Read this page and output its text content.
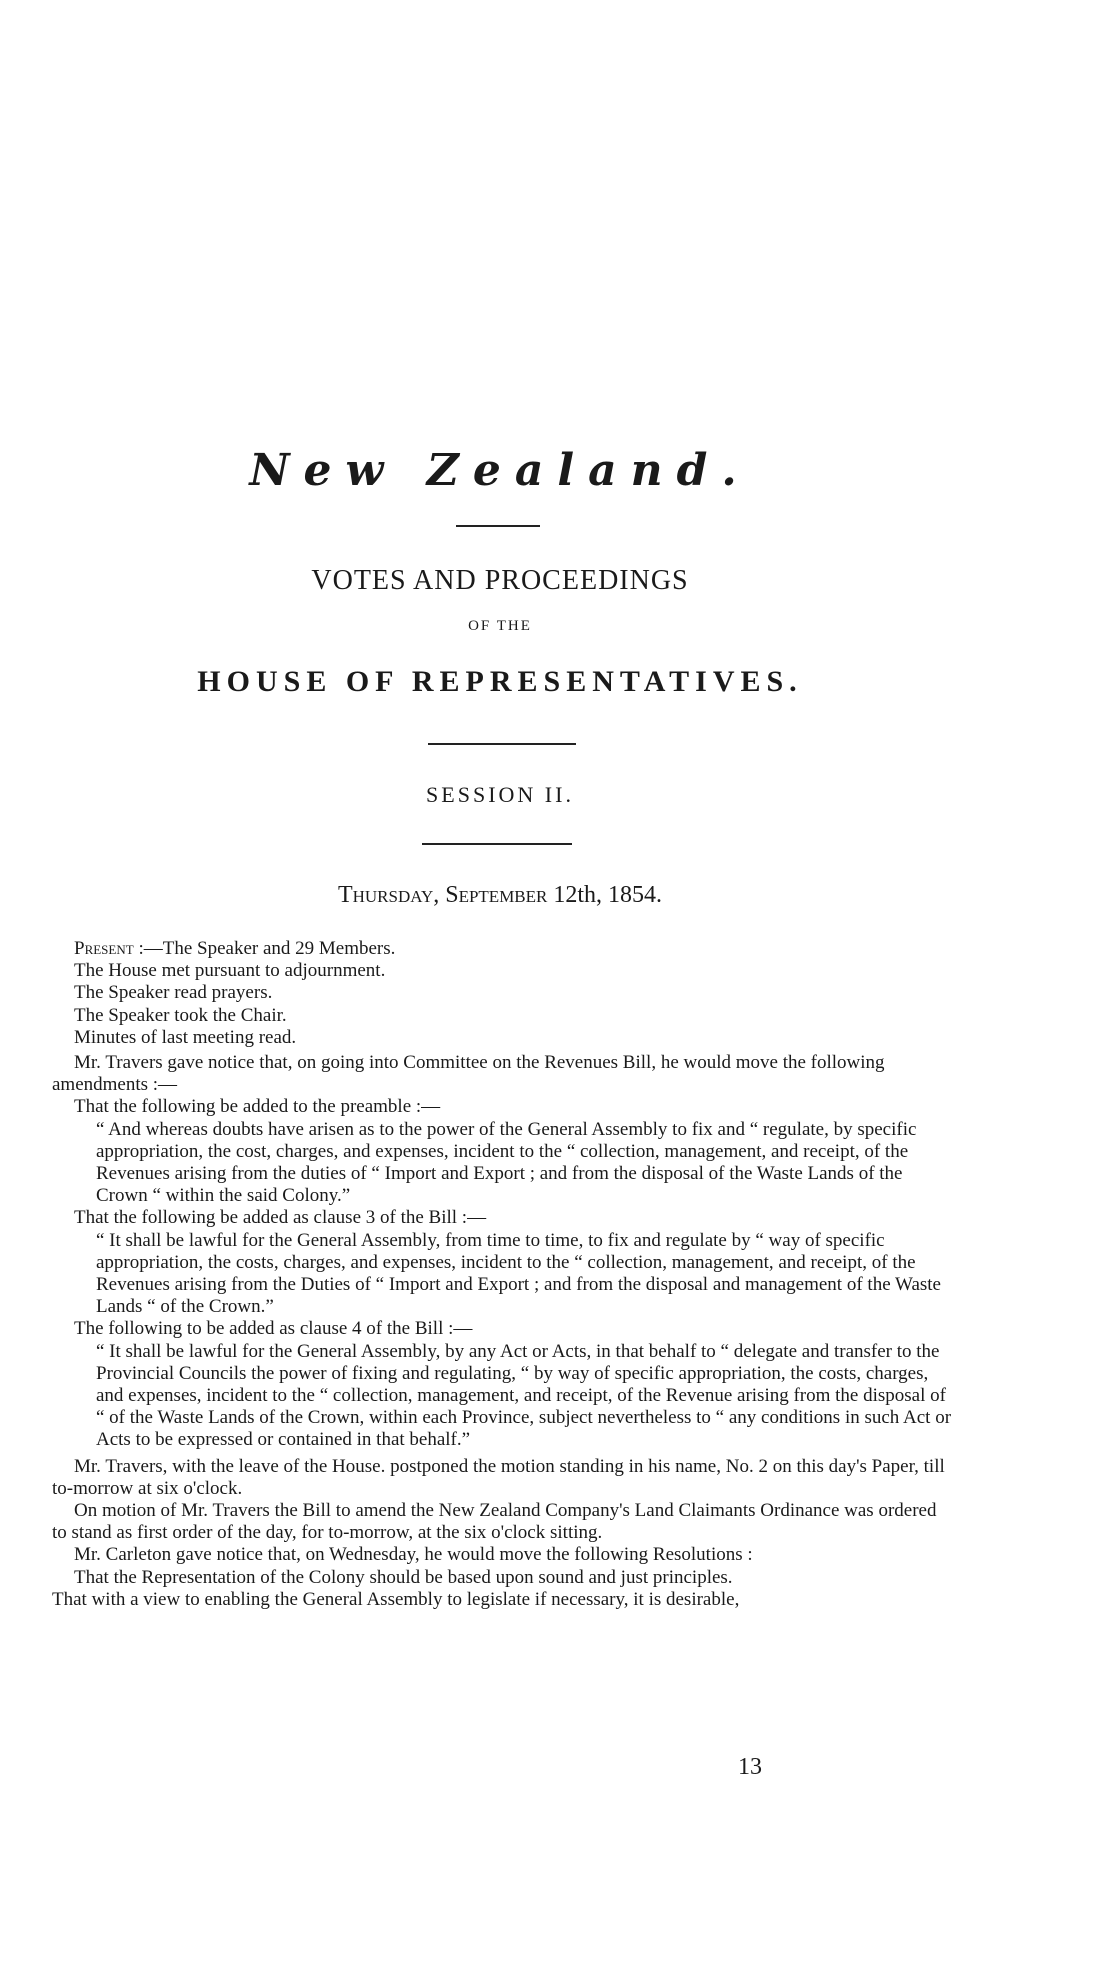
New Zealand.
VOTES AND PROCEEDINGS
OF THE
HOUSE OF REPRESENTATIVES.
SESSION II.
Thursday, September 12th, 1854.

Present :—The Speaker and 29 Members.

The House met pursuant to adjournment.

The Speaker read prayers.

The Speaker took the Chair.

Minutes of last meeting read.

Mr. Travers gave notice that, on going into Committee on the Revenues Bill, he would move the following amendments :—

That the following be added to the preamble :—

“ And whereas doubts have arisen as to the power of the General Assembly to fix and “ regulate, by specific appropriation, the cost, charges, and expenses, incident to the “ collection, management, and receipt, of the Revenues arising from the duties of “ Import and Export ; and from the disposal of the Waste Lands of the Crown “ within the said Colony.”

That the following be added as clause 3 of the Bill :—

“ It shall be lawful for the General Assembly, from time to time, to fix and regulate by “ way of specific appropriation, the costs, charges, and expenses, incident to the “ collection, management, and receipt, of the Revenues arising from the Duties of “ Import and Export ; and from the disposal and management of the Waste Lands “ of the Crown.”

The following to be added as clause 4 of the Bill :—

“ It shall be lawful for the General Assembly, by any Act or Acts, in that behalf to “ delegate and transfer to the Provincial Councils the power of fixing and regulating, “ by way of specific appropriation, the costs, charges, and expenses, incident to the “ collection, management, and receipt, of the Revenue arising from the disposal of “ of the Waste Lands of the Crown, within each Province, subject nevertheless to “ any conditions in such Act or Acts to be expressed or contained in that behalf.”

Mr. Travers, with the leave of the House. postponed the motion standing in his name, No. 2 on this day's Paper, till to-morrow at six o'clock.

On motion of Mr. Travers the Bill to amend the New Zealand Company's Land Claimants Ordinance was ordered to stand as first order of the day, for to-morrow, at the six o'clock sitting.

Mr. Carleton gave notice that, on Wednesday, he would move the following Resolutions :

That the Representation of the Colony should be based upon sound and just principles.

That with a view to enabling the General Assembly to legislate if necessary, it is desirable,

13
